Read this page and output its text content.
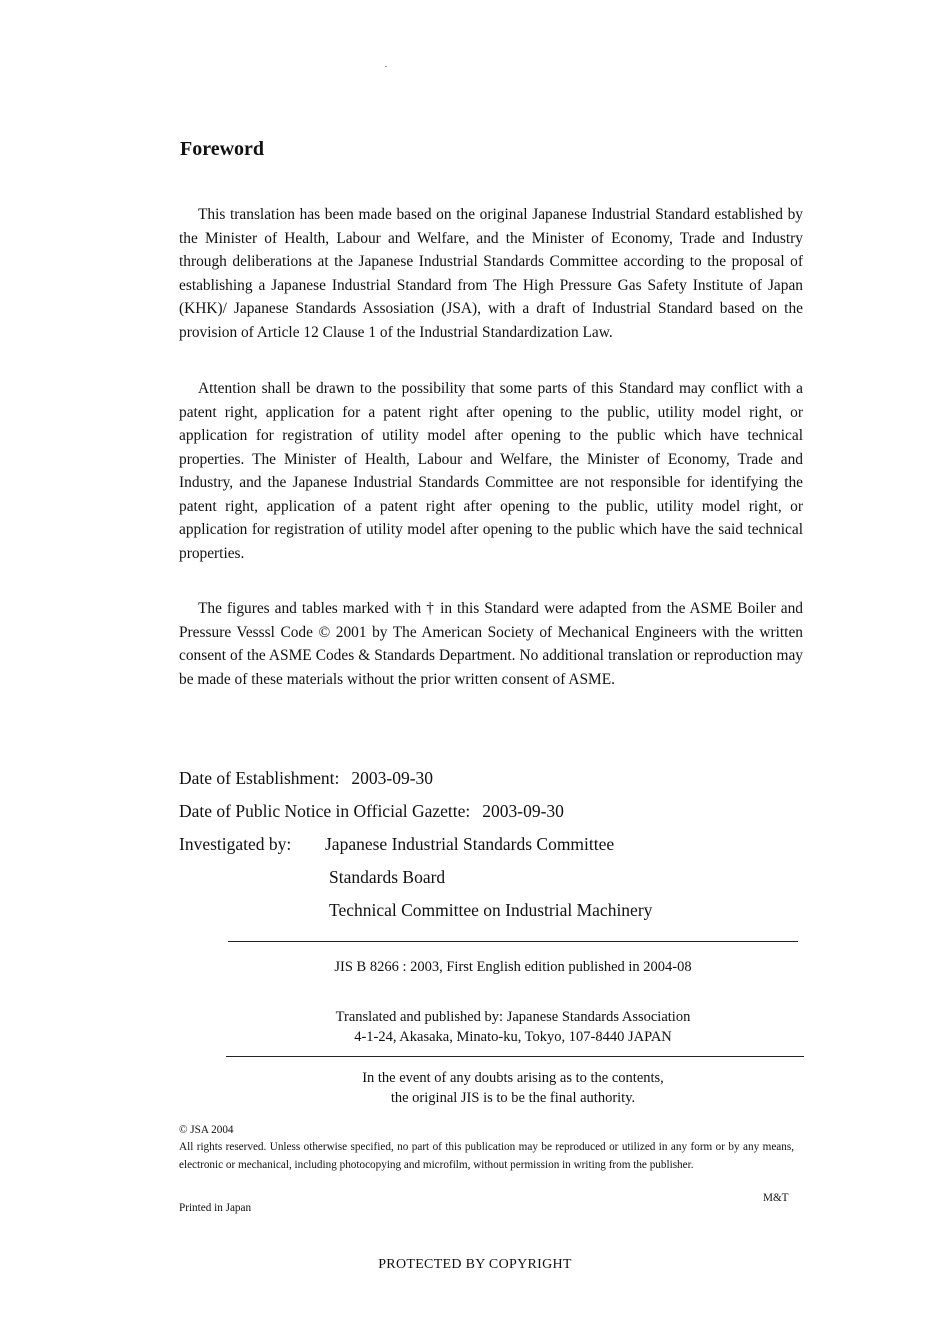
Foreword

This translation has been made based on the original Japanese Industrial Standard established by the Minister of Health, Labour and Welfare, and the Minister of Economy, Trade and Industry through deliberations at the Japanese Industrial Standards Committee according to the proposal of establishing a Japanese Industrial Standard from The High Pressure Gas Safety Institute of Japan (KHK)/ Japanese Standards Assosiation (JSA), with a draft of Industrial Standard based on the provision of Article 12 Clause 1 of the Industrial Standardization Law.

Attention shall be drawn to the possibility that some parts of this Standard may conflict with a patent right, application for a patent right after opening to the public, utility model right, or application for registration of utility model after opening to the public which have technical properties. The Minister of Health, Labour and Welfare, the Minister of Economy, Trade and Industry, and the Japanese Industrial Standards Committee are not responsible for identifying the patent right, application of a patent right after opening to the public, utility model right, or application for registration of utility model after opening to the public which have the said technical properties.

The figures and tables marked with † in this Standard were adapted from the ASME Boiler and Pressure Vesssl Code © 2001 by The American Society of Mechanical Engineers with the written consent of the ASME Codes & Standards Department. No additional translation or reproduction may be made of these materials without the prior written consent of ASME.

Date of Establishment: 2003-09-30
Date of Public Notice in Official Gazette: 2003-09-30
Investigated by: Japanese Industrial Standards Committee
Standards Board
Technical Committee on Industrial Machinery
JIS B 8266 : 2003, First English edition published in 2004-08
Translated and published by: Japanese Standards Association
4-1-24, Akasaka, Minato-ku, Tokyo, 107-8440 JAPAN
In the event of any doubts arising as to the contents,
the original JIS is to be the final authority.
© JSA 2004
All rights reserved. Unless otherwise specified, no part of this publication may be reproduced or utilized in any form or by any means, electronic or mechanical, including photocopying and microfilm, without permission in writing from the publisher.
M&T
Printed in Japan
PROTECTED BY COPYRIGHT
